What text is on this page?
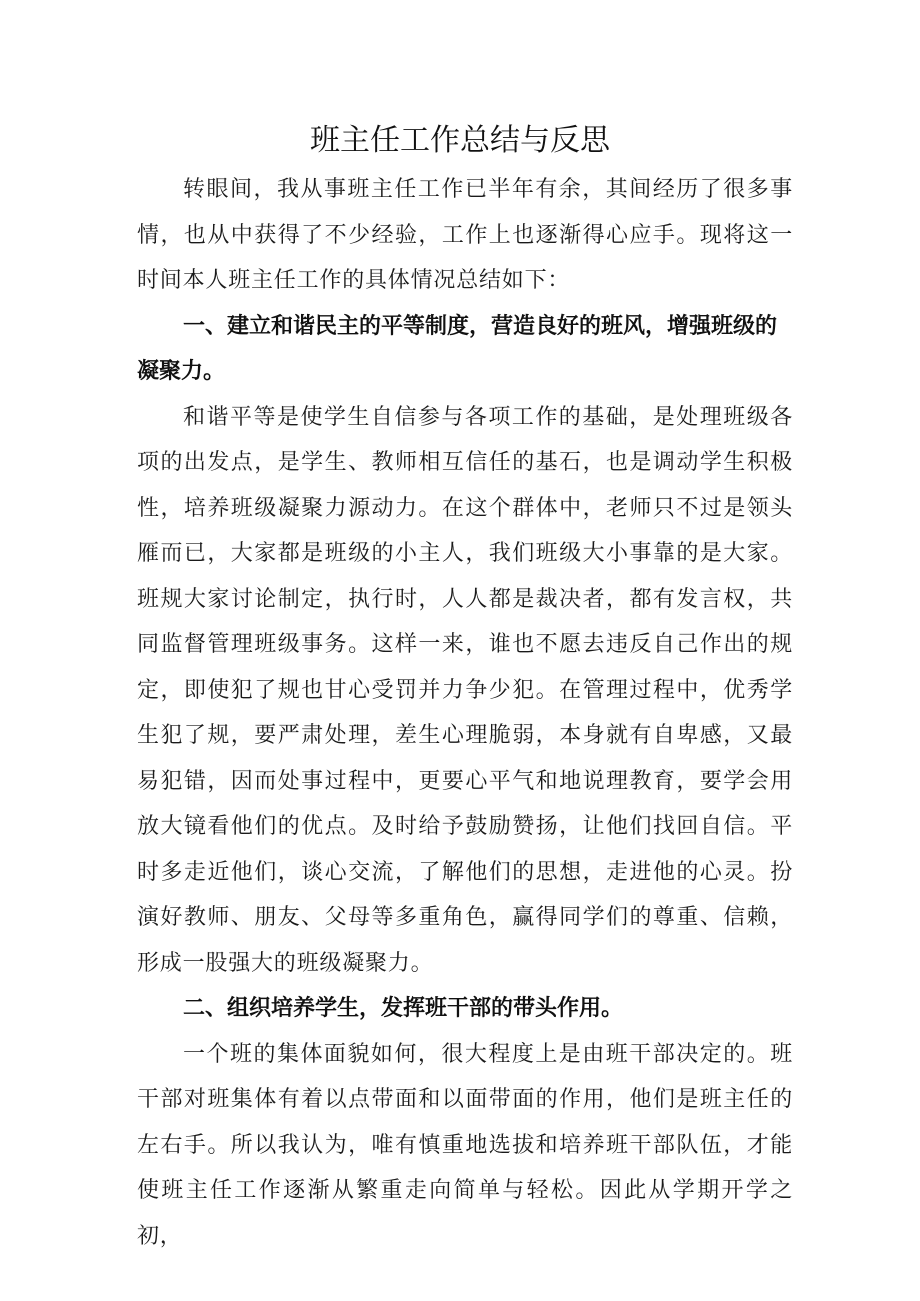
班主任工作总结与反思

转眼间，我从事班主任工作已半年有余，其间经历了很多事情，也从中获得了不少经验，工作上也逐渐得心应手。现将这一时间本人班主任工作的具体情况总结如下：

一、建立和谐民主的平等制度，营造良好的班风，增强班级的凝聚力。

和谐平等是使学生自信参与各项工作的基础，是处理班级各项的出发点，是学生、教师相互信任的基石，也是调动学生积极性，培养班级凝聚力源动力。在这个群体中，老师只不过是领头雁而已，大家都是班级的小主人，我们班级大小事靠的是大家。班规大家讨论制定，执行时，人人都是裁决者，都有发言权，共同监督管理班级事务。这样一来，谁也不愿去违反自己作出的规定，即使犯了规也甘心受罚并力争少犯。在管理过程中，优秀学生犯了规，要严肃处理，差生心理脆弱，本身就有自卑感，又最易犯错，因而处事过程中，更要心平气和地说理教育，要学会用放大镜看他们的优点。及时给予鼓励赞扬，让他们找回自信。平时多走近他们，谈心交流，了解他们的思想，走进他的心灵。扮演好教师、朋友、父母等多重角色，赢得同学们的尊重、信赖，形成一股强大的班级凝聚力。

二、组织培养学生，发挥班干部的带头作用。

一个班的集体面貌如何，很大程度上是由班干部决定的。班干部对班集体有着以点带面和以面带面的作用，他们是班主任的左右手。所以我认为，唯有慎重地选拔和培养班干部队伍，才能使班主任工作逐渐从繁重走向简单与轻松。因此从学期开学之初，
